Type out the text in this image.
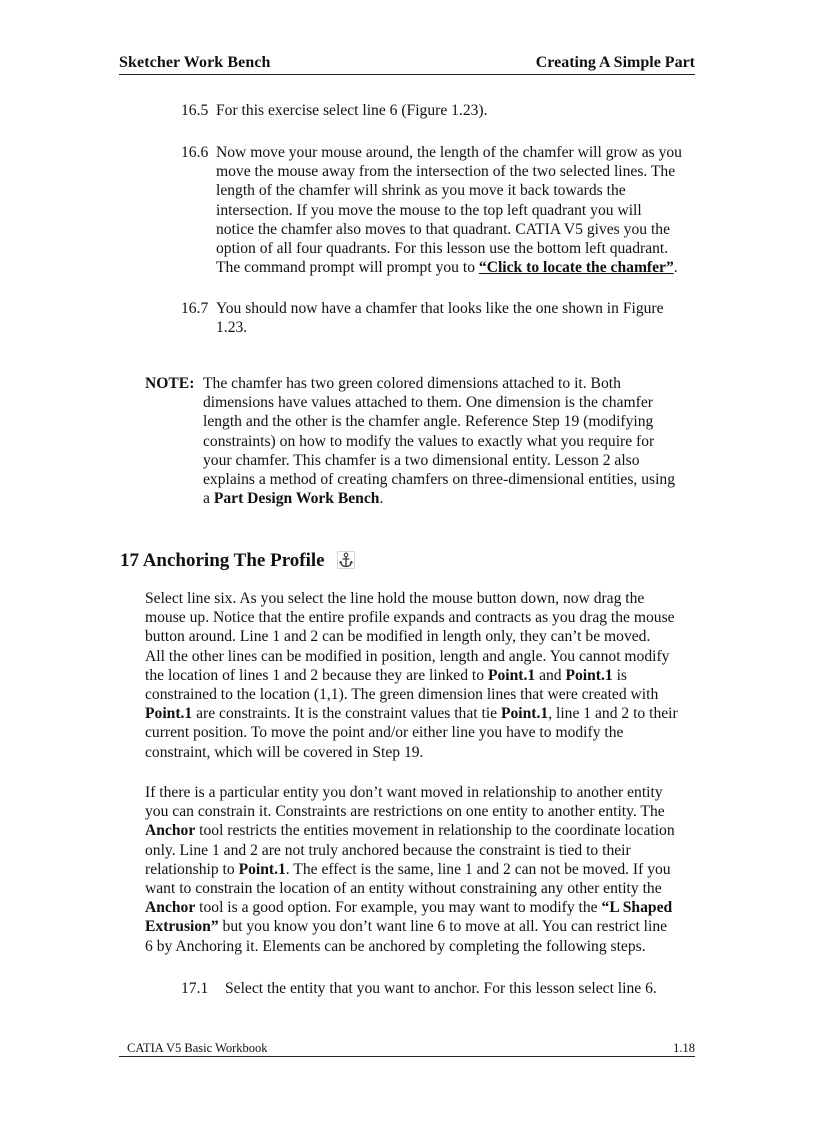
Sketcher Work Bench	Creating A Simple Part
16.5 For this exercise select line 6 (Figure 1.23).
16.6 Now move your mouse around, the length of the chamfer will grow as you
move the mouse away from the intersection of the two selected lines. The
length of the chamfer will shrink as you move it back towards the
intersection. If you move the mouse to the top left quadrant you will
notice the chamfer also moves to that quadrant. CATIA V5 gives you the
option of all four quadrants. For this lesson use the bottom left quadrant.
The command prompt will prompt you to “Click to locate the chamfer”.
16.7 You should now have a chamfer that looks like the one shown in Figure
1.23.
NOTE: The chamfer has two green colored dimensions attached to it. Both
dimensions have values attached to them. One dimension is the chamfer
length and the other is the chamfer angle. Reference Step 19 (modifying
constraints) on how to modify the values to exactly what you require for
your chamfer. This chamfer is a two dimensional entity. Lesson 2 also
explains a method of creating chamfers on three-dimensional entities, using
a Part Design Work Bench.
17 Anchoring The Profile
Select line six. As you select the line hold the mouse button down, now drag the
mouse up. Notice that the entire profile expands and contracts as you drag the mouse
button around. Line 1 and 2 can be modified in length only, they can’t be moved.
All the other lines can be modified in position, length and angle. You cannot modify
the location of lines 1 and 2 because they are linked to Point.1 and Point.1 is
constrained to the location (1,1). The green dimension lines that were created with
Point.1 are constraints. It is the constraint values that tie Point.1, line 1 and 2 to their
current position. To move the point and/or either line you have to modify the
constraint, which will be covered in Step 19.
If there is a particular entity you don’t want moved in relationship to another entity
you can constrain it. Constraints are restrictions on one entity to another entity. The
Anchor tool restricts the entities movement in relationship to the coordinate location
only. Line 1 and 2 are not truly anchored because the constraint is tied to their
relationship to Point.1. The effect is the same, line 1 and 2 can not be moved. If you
want to constrain the location of an entity without constraining any other entity the
Anchor tool is a good option. For example, you may want to modify the “L Shaped
Extrusion” but you know you don’t want line 6 to move at all. You can restrict line
6 by Anchoring it. Elements can be anchored by completing the following steps.
17.1 Select the entity that you want to anchor. For this lesson select line 6.
CATIA V5 Basic Workbook	1.18
